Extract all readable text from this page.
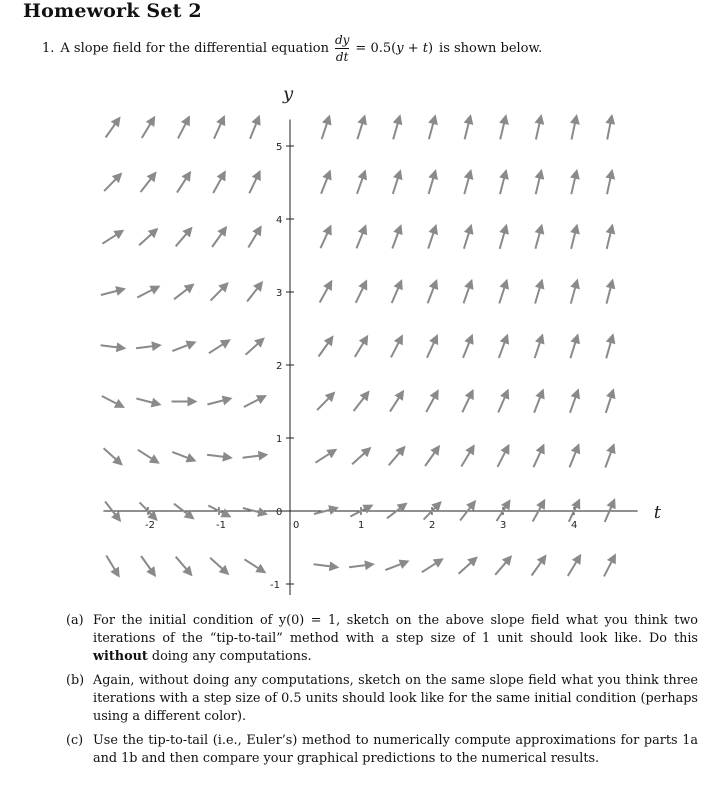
Homework Set 2
1. A slope field for the differential equation $\frac{dy}{dt} = 0.5(y + t)$ is shown below.
t
y
-2	-1	0	1	2	3	4
-1
0
1
2
3
4
5
(a) For the initial condition of y(0) = 1, sketch on the above slope field what you think two iterations of the “tip-to-tail” method with a step size of 1 unit should look like. Do this without doing any computations.
(b) Again, without doing any computations, sketch on the same slope field what you think three iterations with a step size of 0.5 units should look like for the same initial condition (perhaps using a different color).
(c) Use the tip-to-tail (i.e., Euler’s) method to numerically compute approximations for parts 1a and 1b and then compare your graphical predictions to the numerical results.
